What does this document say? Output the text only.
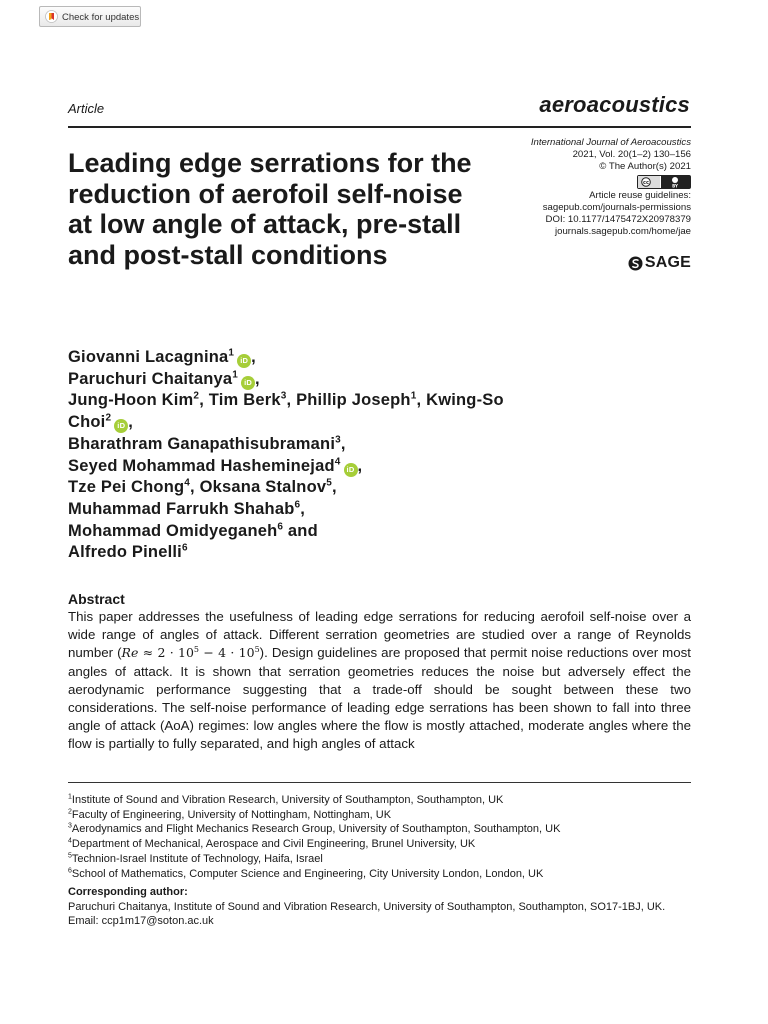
Check for updates
Article	aeroacoustics
Leading edge serrations for the reduction of aerofoil self-noise at low angle of attack, pre-stall and post-stall conditions
International Journal of Aeroacoustics
2021, Vol. 20(1–2) 130–156
© The Author(s) 2021
cc	BY
Article reuse guidelines:
sagepub.com/journals-permissions
DOI: 10.1177/1475472X20978379
journals.sagepub.com/home/jae
SAGE
Giovanni Lacagnina$^1$iD ,
Paruchuri Chaitanya$^1$iD ,
Jung-Hoon Kim$^2$, Tim Berk$^3$, Phillip Joseph$^1$, Kwing-So Choi$^2$iD ,
Bharathram Ganapathisubramani$^3$,
Seyed Mohammad Hasheminejad$^4$iD ,
Tze Pei Chong$^4$, Oksana Stalnov$^5$,
Muhammad Farrukh Shahab$^6$,
Mohammad Omidyeganeh$^6$ and
Alfredo Pinelli$^6$
Abstract
This paper addresses the usefulness of leading edge serrations for reducing aerofoil self-noise over a wide range of angles of attack. Different serration geometries are studied over a range of Reynolds number $(Re \approx 2 \cdot 10^5 - 4 \cdot 10^5)$. Design guidelines are proposed that permit noise reductions over most angles of attack. It is shown that serration geometries reduces the noise but adversely effect the aerodynamic performance suggesting that a trade-off should be sought between these two considerations. The self-noise performance of leading edge serrations has been shown to fall into three angle of attack (AoA) regimes: low angles where the flow is mostly attached, moderate angles where the flow is partially to fully separated, and high angles of attack
$^1$Institute of Sound and Vibration Research, University of Southampton, Southampton, UK
$^2$Faculty of Engineering, University of Nottingham, Nottingham, UK
$^3$Aerodynamics and Flight Mechanics Research Group, University of Southampton, Southampton, UK
$^4$Department of Mechanical, Aerospace and Civil Engineering, Brunel University, UK
$^5$Technion-Israel Institute of Technology, Haifa, Israel
$^6$School of Mathematics, Computer Science and Engineering, City University London, London, UK
Corresponding author:
Paruchuri Chaitanya, Institute of Sound and Vibration Research, University of Southampton, Southampton, SO17-1BJ, UK.
Email: ccp1m17@soton.ac.uk
